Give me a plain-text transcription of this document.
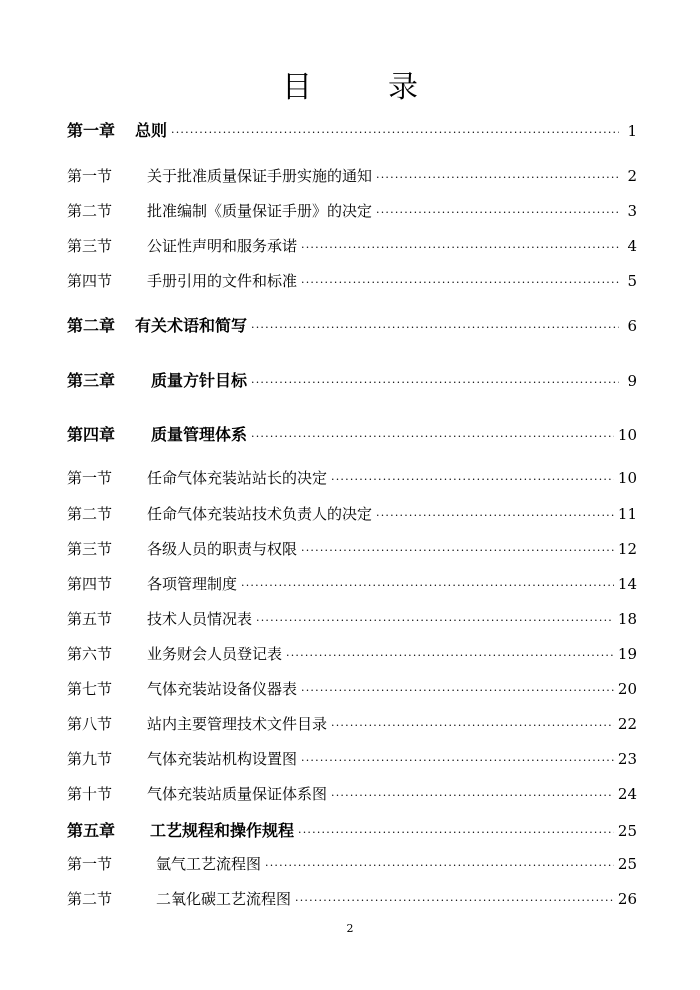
目	录
第一章 总则 ·····	1
第一节 关于批准质量保证手册实施的通知 ·····	2
第二节 批准编制《质量保证手册》的决定 ·····	3
第三节 公证性声明和服务承诺 ·····	4
第四节 手册引用的文件和标准 ·····	5
第二章 有关术语和简写 ·····	6
第三章 质量方针目标 ·····	9
第四章 质量管理体系 ·····	10
第一节 任命气体充装站站长的决定 ·····	10
第二节 任命气体充装站技术负责人的决定 ·····	11
第三节 各级人员的职责与权限 ·····	12
第四节 各项管理制度 ·····	14
第五节 技术人员情况表 ·····	18
第六节 业务财会人员登记表 ·····	19
第七节 气体充装站设备仪器表 ·····	20
第八节 站内主要管理技术文件目录 ·····	22
第九节 气体充装站机构设置图 ·····	23
第十节 气体充装站质量保证体系图 ·····	24
第五章 工艺规程和操作规程 ·····	25
第一节	氩气工艺流程图 ·····	25
第二节	二氧化碳工艺流程图 ·····	26
2
